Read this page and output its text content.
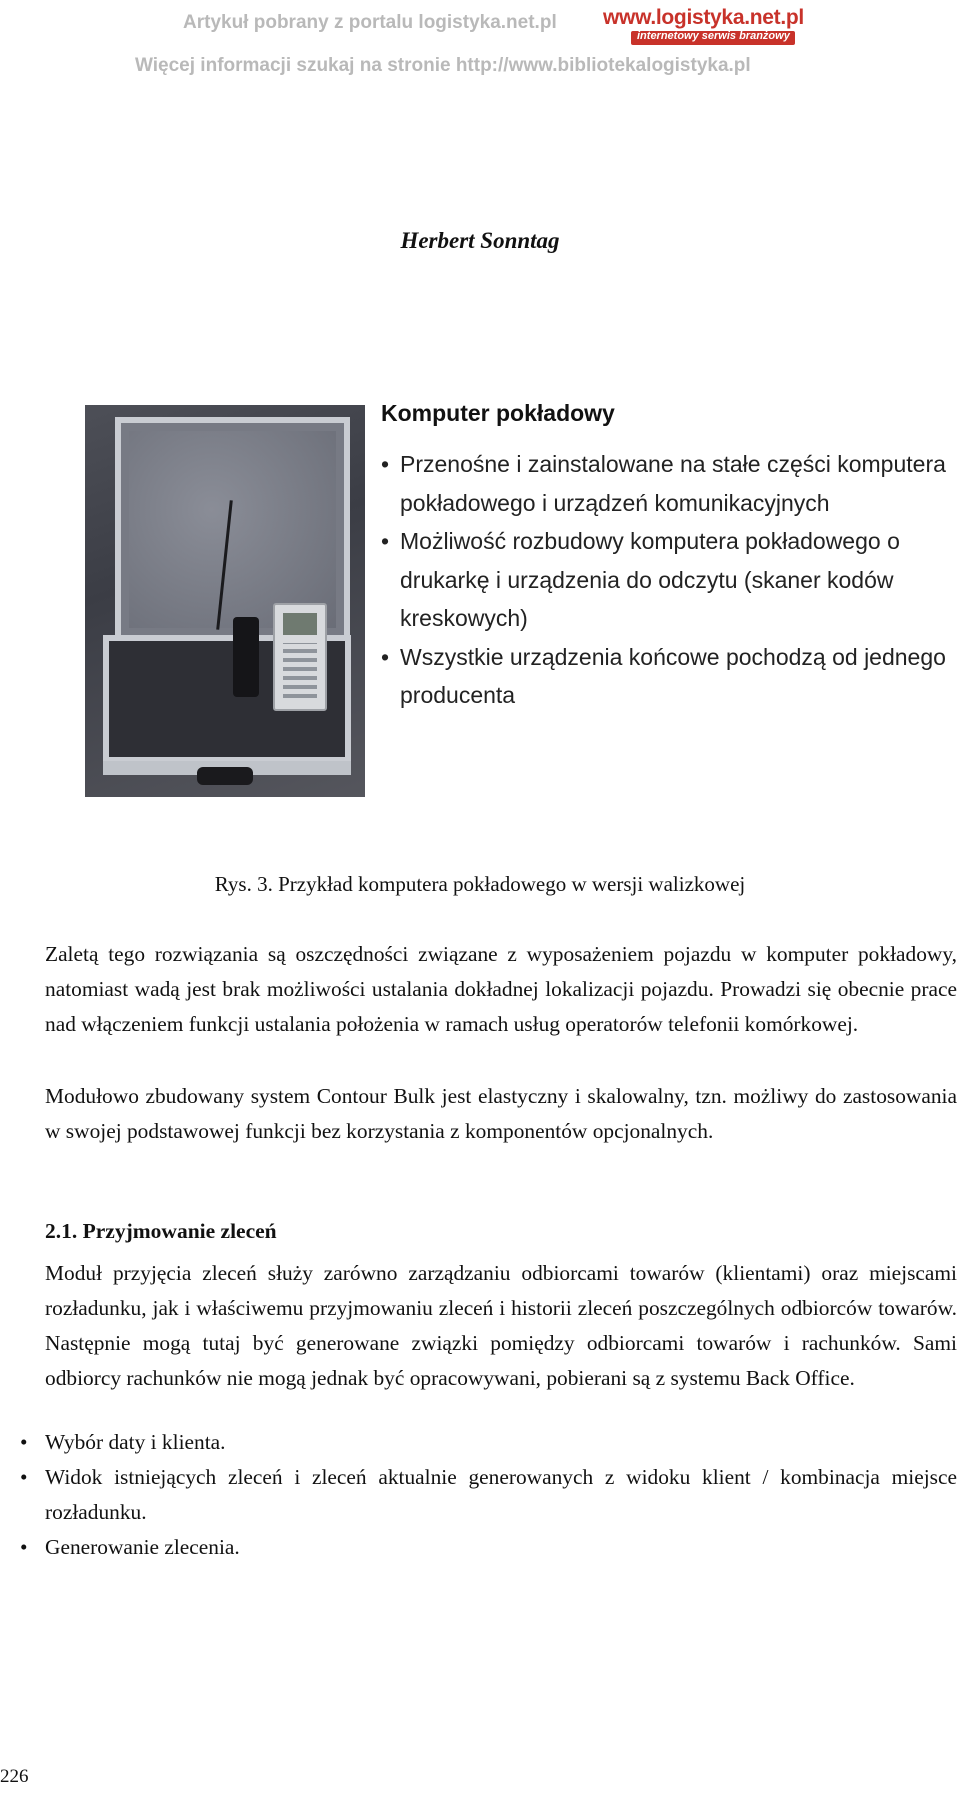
Artykuł pobrany z portalu logistyka.net.pl
Więcej informacji szukaj na stronie http://www.bibliotekalogistyka.pl
www.logistyka.net.pl
internetowy serwis branżowy
Herbert Sonntag
Komputer pokładowy
• Przenośne i zainstalowane na stałe części komputera pokładowego i urządzeń komunikacyjnych
• Możliwość rozbudowy komputera pokładowego o drukarkę i urządzenia do odczytu (skaner kodów kreskowych)
• Wszystkie urządzenia końcowe pochodzą od jednego producenta
Rys. 3. Przykład komputera pokładowego w wersji walizkowej
Zaletą tego rozwiązania są oszczędności związane z wyposażeniem pojazdu w komputer pokładowy, natomiast wadą jest brak możliwości ustalania dokładnej lokalizacji pojazdu. Prowadzi się obecnie prace nad włączeniem funkcji ustalania położenia w ramach usług operatorów telefonii komórkowej.
Modułowo zbudowany system Contour Bulk jest elastyczny i skalowalny, tzn. możliwy do zastosowania w swojej podstawowej funkcji bez korzystania z komponentów opcjonalnych.
2.1. Przyjmowanie zleceń
Moduł przyjęcia zleceń służy zarówno zarządzaniu odbiorcami towarów (klientami) oraz miejscami rozładunku, jak i właściwemu przyjmowaniu zleceń i historii zleceń poszczególnych odbiorców towarów. Następnie mogą tutaj być generowane związki pomiędzy odbiorcami towarów i rachunków. Sami odbiorcy rachunków nie mogą jednak być opracowywani, pobierani są z systemu Back Office.
• Wybór daty i klienta.
• Widok istniejących zleceń i zleceń aktualnie generowanych z widoku klient / kombinacja miejsce rozładunku.
• Generowanie zlecenia.
226
